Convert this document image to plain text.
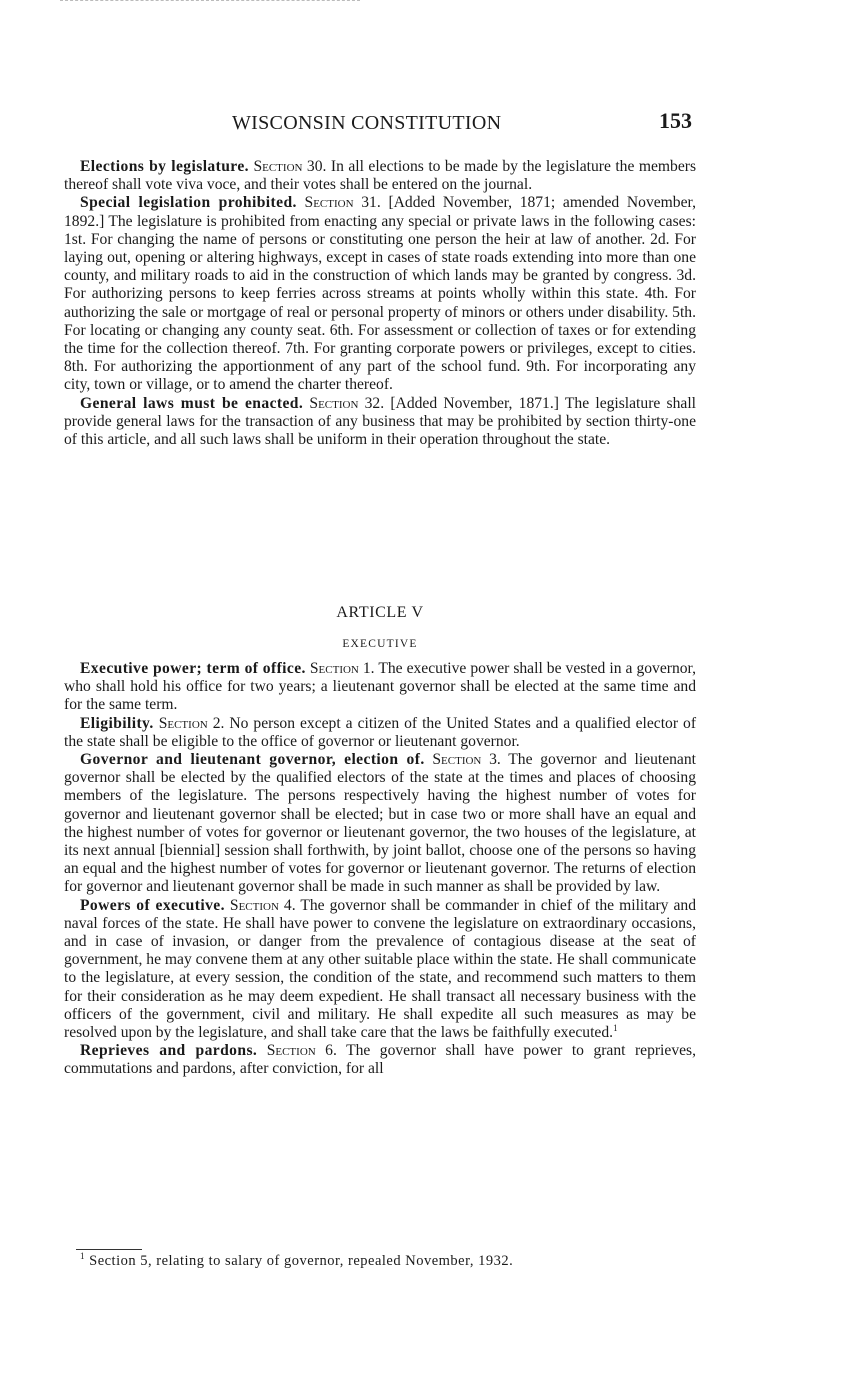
WISCONSIN CONSTITUTION	153

Elections by legislature. Section 30. In all elections to be made by the legislature the members thereof shall vote viva voce, and their votes shall be entered on the journal.

Special legislation prohibited. Section 31. [Added November, 1871; amended November, 1892.] The legislature is prohibited from enacting any special or private laws in the following cases: 1st. For changing the name of persons or constituting one person the heir at law of another. 2d. For laying out, opening or altering highways, except in cases of state roads extending into more than one county, and military roads to aid in the construction of which lands may be granted by congress. 3d. For authorizing persons to keep ferries across streams at points wholly within this state. 4th. For authorizing the sale or mortgage of real or personal property of minors or others under disability. 5th. For locating or changing any county seat. 6th. For assessment or collection of taxes or for extending the time for the collection thereof. 7th. For granting corporate powers or privileges, except to cities. 8th. For authorizing the apportionment of any part of the school fund. 9th. For incorporating any city, town or village, or to amend the charter thereof.

General laws must be enacted. Section 32. [Added November, 1871.] The legislature shall provide general laws for the transaction of any business that may be prohibited by section thirty-one of this article, and all such laws shall be uniform in their operation throughout the state.

ARTICLE V
EXECUTIVE

Executive power; term of office. Section 1. The executive power shall be vested in a governor, who shall hold his office for two years; a lieutenant governor shall be elected at the same time and for the same term.

Eligibility. Section 2. No person except a citizen of the United States and a qualified elector of the state shall be eligible to the office of governor or lieutenant governor.

Governor and lieutenant governor, election of. Section 3. The governor and lieutenant governor shall be elected by the qualified electors of the state at the times and places of choosing members of the legislature. The persons respectively having the highest number of votes for governor and lieutenant governor shall be elected; but in case two or more shall have an equal and the highest number of votes for governor or lieutenant governor, the two houses of the legislature, at its next annual [biennial] session shall forthwith, by joint ballot, choose one of the persons so having an equal and the highest number of votes for governor or lieutenant governor. The returns of election for governor and lieutenant governor shall be made in such manner as shall be provided by law.

Powers of executive. Section 4. The governor shall be commander in chief of the military and naval forces of the state. He shall have power to convene the legislature on extraordinary occasions, and in case of invasion, or danger from the prevalence of contagious disease at the seat of government, he may convene them at any other suitable place within the state. He shall communicate to the legislature, at every session, the condition of the state, and recommend such matters to them for their consideration as he may deem expedient. He shall transact all necessary business with the officers of the government, civil and military. He shall expedite all such measures as may be resolved upon by the legislature, and shall take care that the laws be faithfully executed.$^1$

Reprieves and pardons. Section 6. The governor shall have power to grant reprieves, commutations and pardons, after conviction, for all

$^1$ Section 5, relating to salary of governor, repealed November, 1932.
